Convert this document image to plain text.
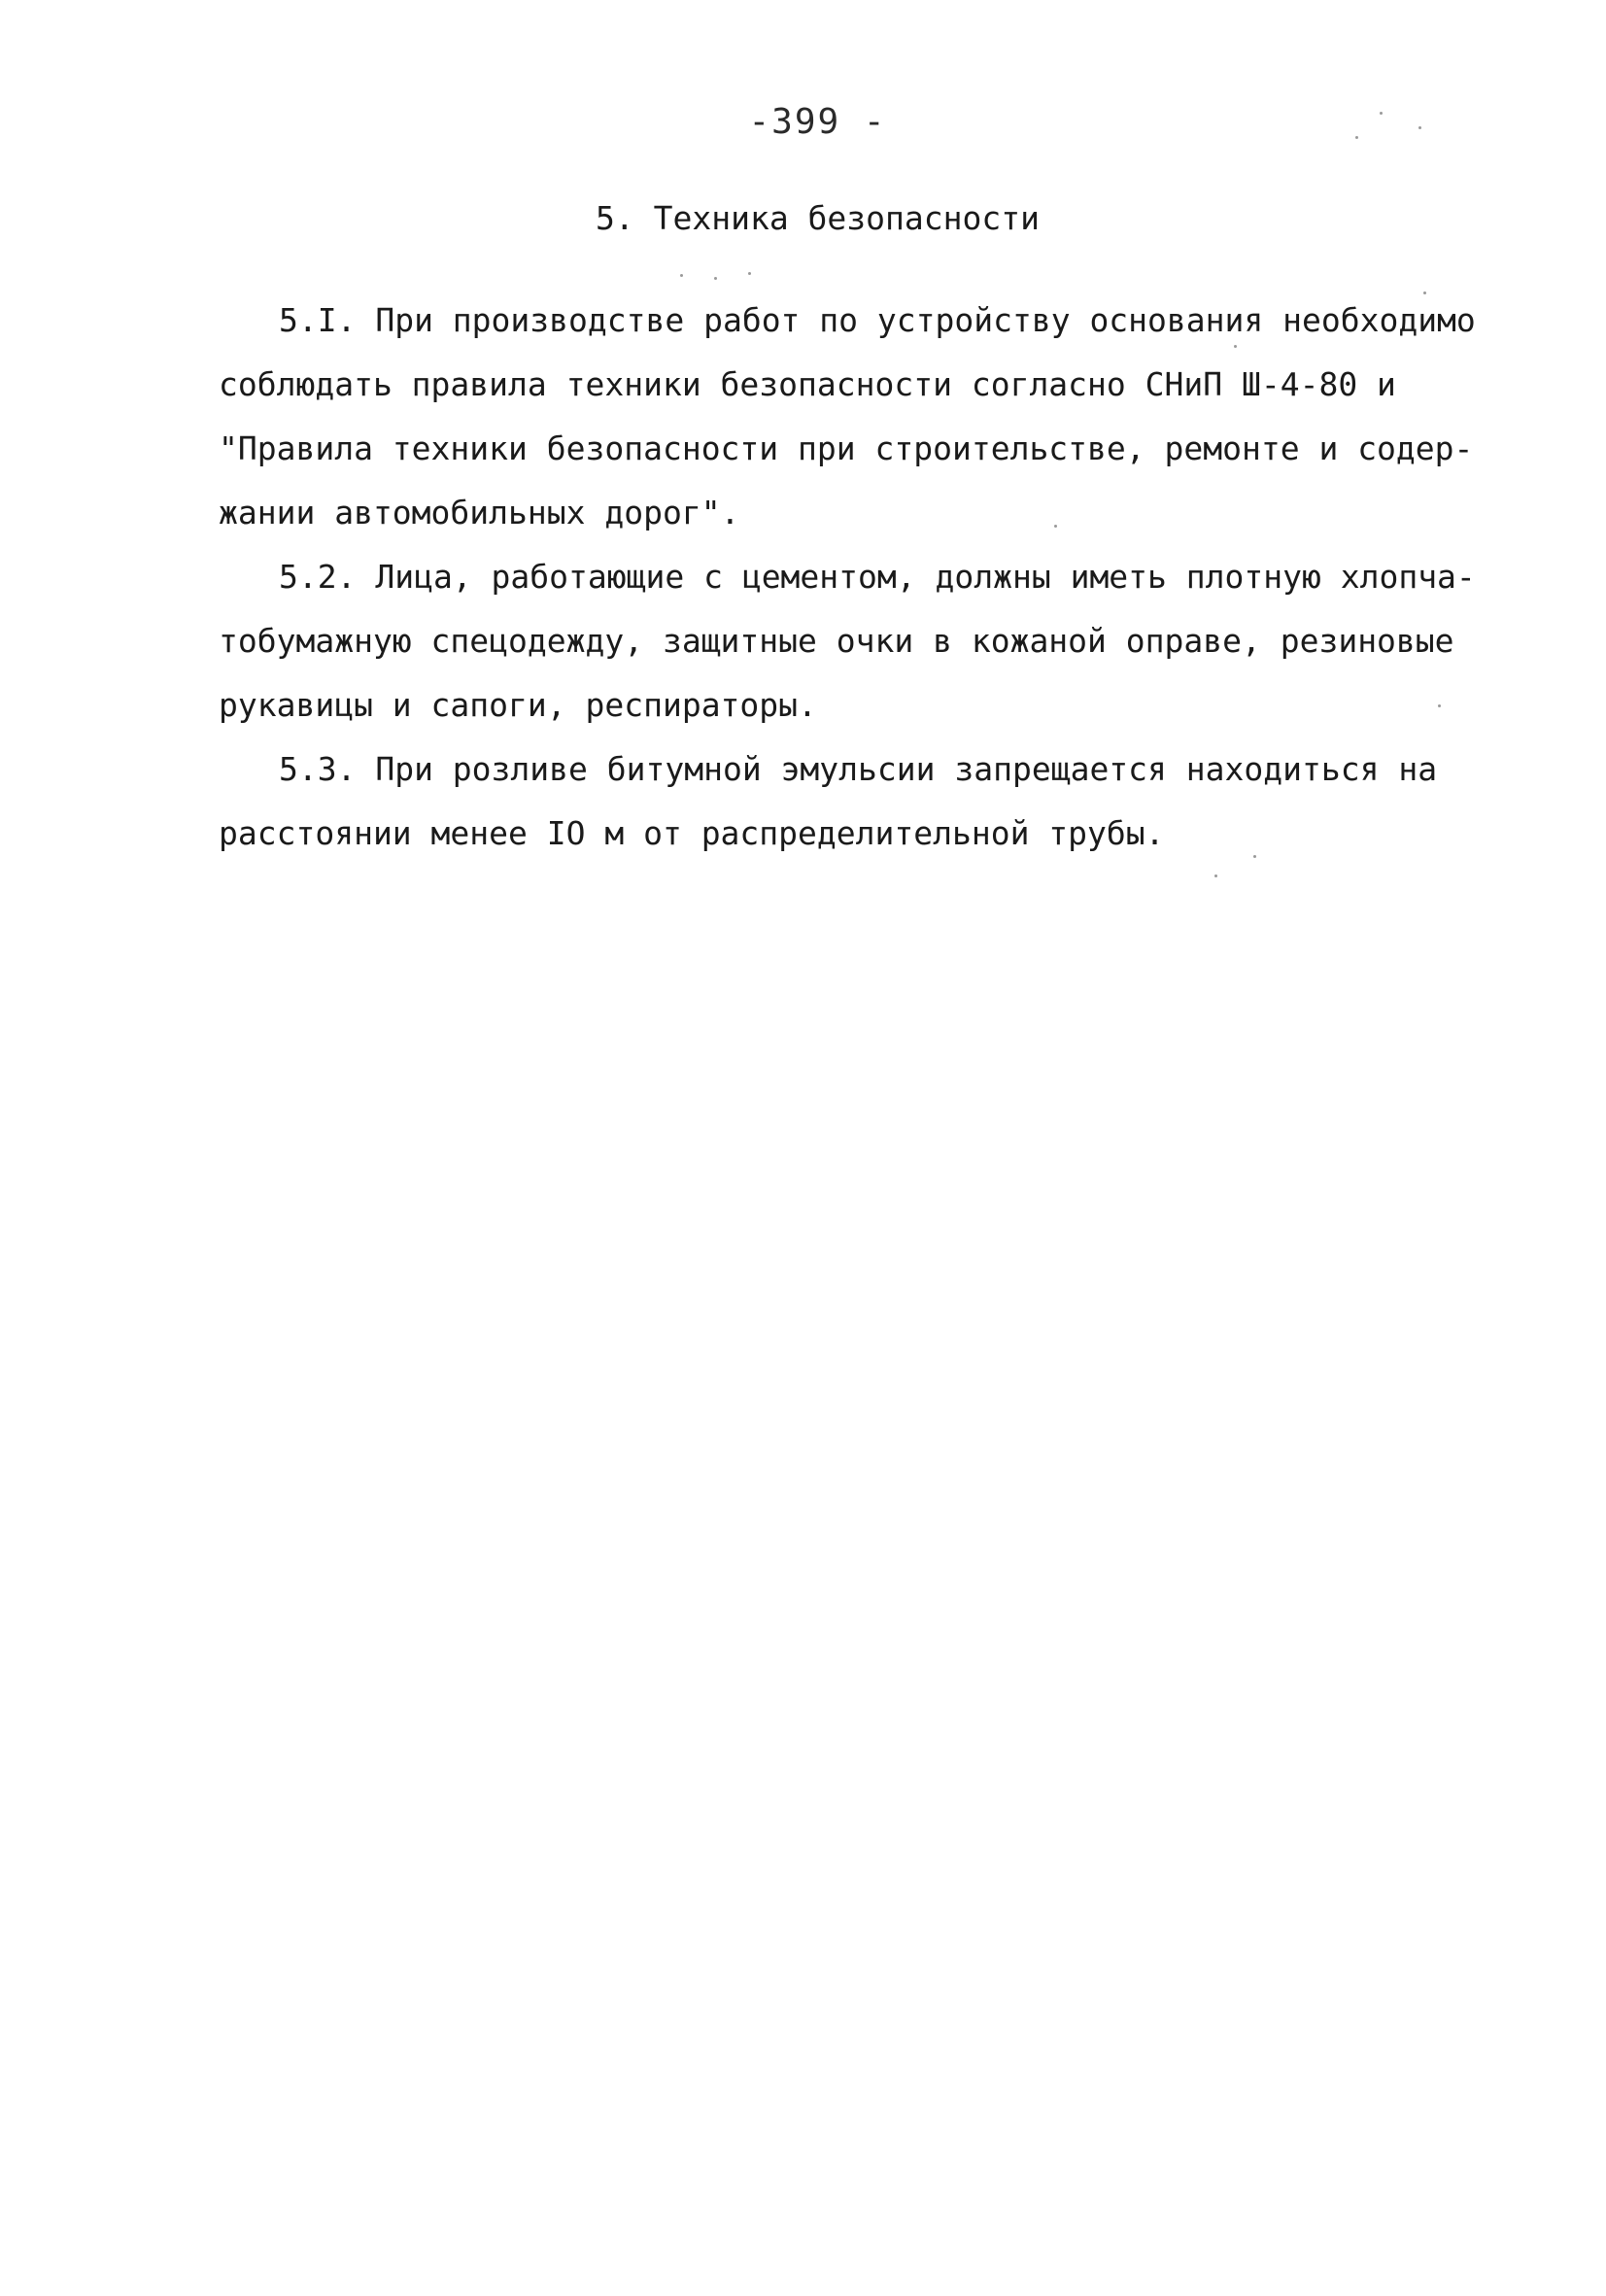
-399 -
5. Техника безопасности
5.I. При производстве работ по устройству основания необходимо
соблюдать правила техники безопасности согласно СНиП Ш-4-80 и
"Правила техники безопасности при строительстве, ремонте и содер-
жании автомобильных дорог".
5.2. Лица, работающие с цементом, должны иметь плотную хлопча-
тобумажную спецодежду, защитные очки в кожаной оправе, резиновые
рукавицы и сапоги, респираторы.
5.3. При розливе битумной эмульсии запрещается находиться на
расстоянии менее IO м от распределительной трубы.
